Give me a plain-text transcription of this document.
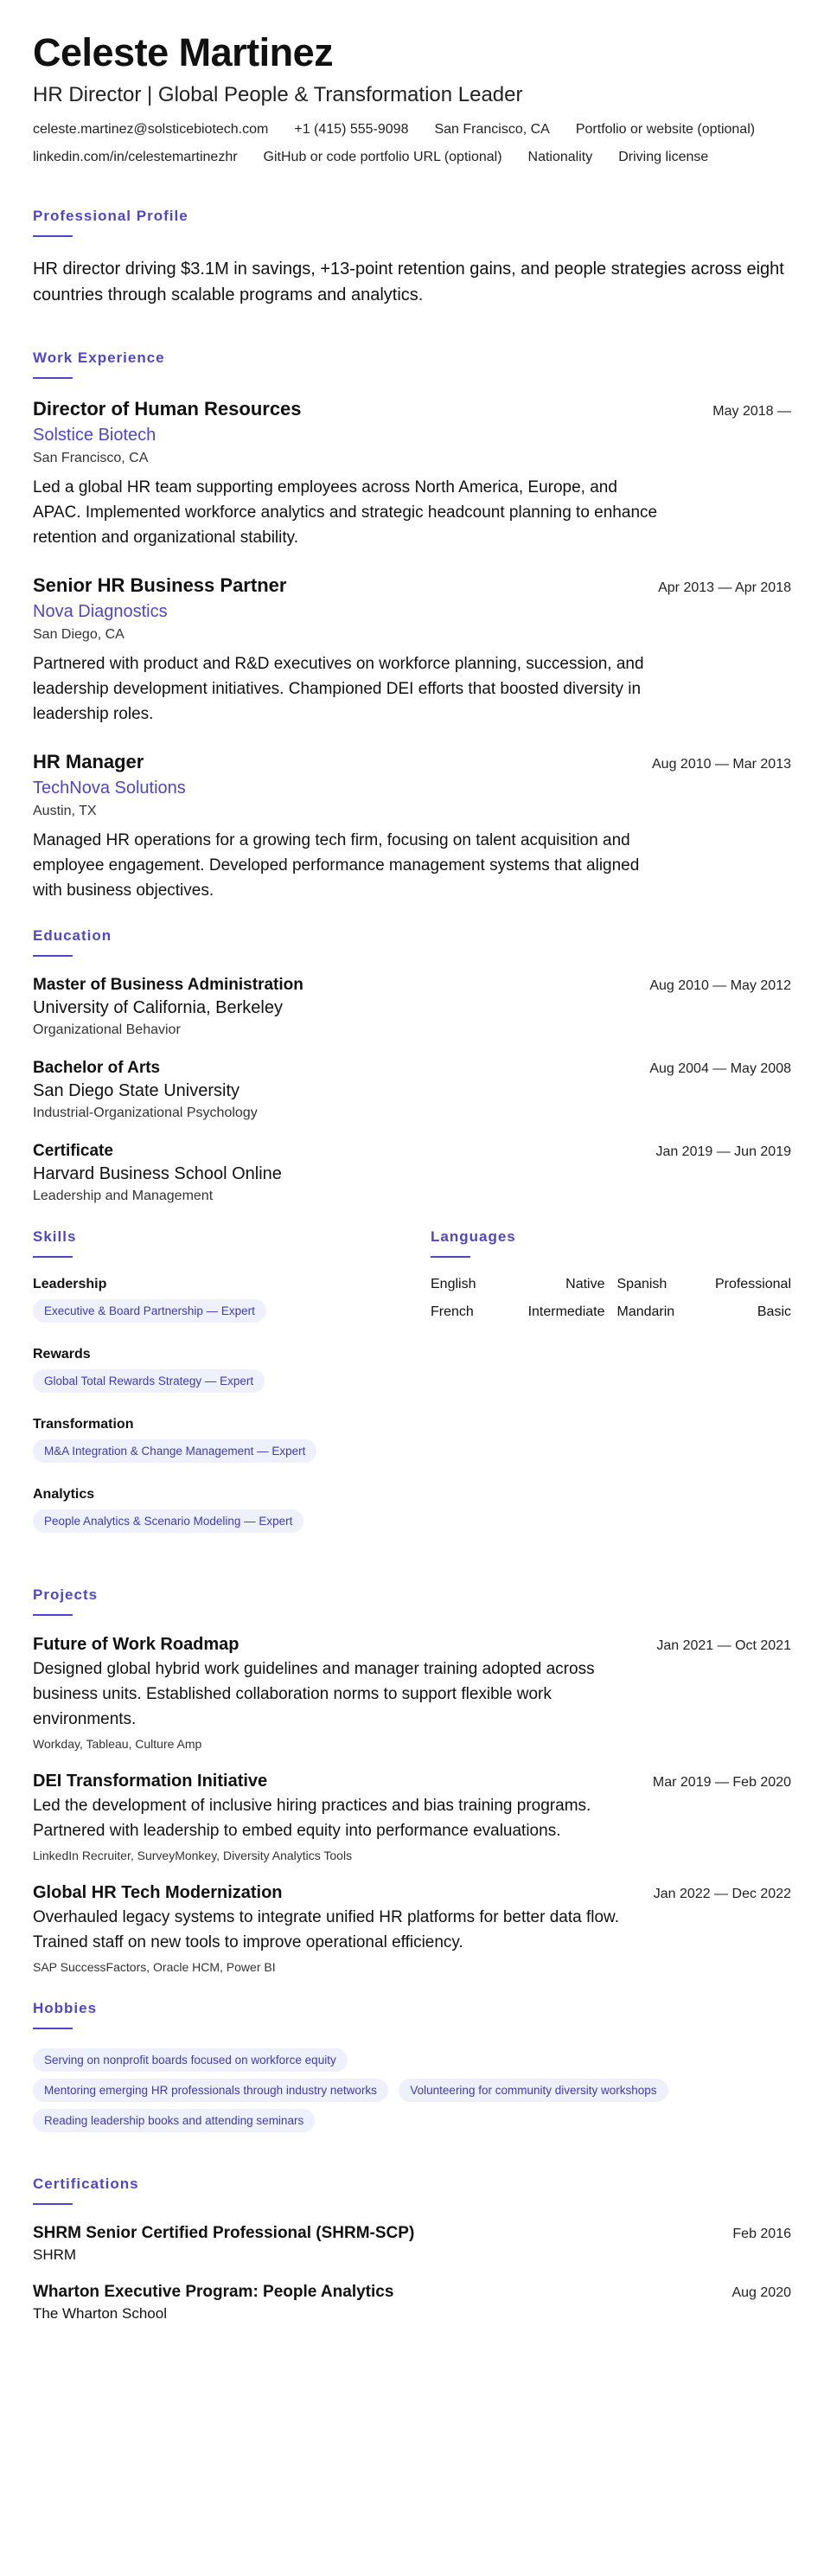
Celeste Martinez
HR Director | Global People & Transformation Leader
celeste.martinez@solsticebiotech.com +1 (415) 555-9098 San Francisco, CA Portfolio or website (optional)
linkedin.com/in/celestemartinezhr GitHub or code portfolio URL (optional) Nationality Driving license
Professional Profile
HR director driving $3.1M in savings, +13-point retention gains, and people strategies across eight countries through scalable programs and analytics.
Work Experience
Director of Human Resources	May 2018 —
Solstice Biotech
San Francisco, CA
Led a global HR team supporting employees across North America, Europe, and APAC. Implemented workforce analytics and strategic headcount planning to enhance retention and organizational stability.
Senior HR Business Partner	Apr 2013 — Apr 2018
Nova Diagnostics
San Diego, CA
Partnered with product and R&D executives on workforce planning, succession, and leadership development initiatives. Championed DEI efforts that boosted diversity in leadership roles.
HR Manager	Aug 2010 — Mar 2013
TechNova Solutions
Austin, TX
Managed HR operations for a growing tech firm, focusing on talent acquisition and employee engagement. Developed performance management systems that aligned with business objectives.
Education
Master of Business Administration	Aug 2010 — May 2012
University of California, Berkeley
Organizational Behavior
Bachelor of Arts	Aug 2004 — May 2008
San Diego State University
Industrial-Organizational Psychology
Certificate	Jan 2019 — Jun 2019
Harvard Business School Online
Leadership and Management
Skills
Leadership
Executive & Board Partnership — Expert
Rewards
Global Total Rewards Strategy — Expert
Transformation
M&A Integration & Change Management — Expert
Analytics
People Analytics & Scenario Modeling — Expert
Languages
English	Native Spanish	Professional
French	Intermediate Mandarin	Basic
Projects
Future of Work Roadmap	Jan 2021 — Oct 2021
Designed global hybrid work guidelines and manager training adopted across business units. Established collaboration norms to support flexible work environments.
Workday, Tableau, Culture Amp
DEI Transformation Initiative	Mar 2019 — Feb 2020
Led the development of inclusive hiring practices and bias training programs. Partnered with leadership to embed equity into performance evaluations.
LinkedIn Recruiter, SurveyMonkey, Diversity Analytics Tools
Global HR Tech Modernization	Jan 2022 — Dec 2022
Overhauled legacy systems to integrate unified HR platforms for better data flow. Trained staff on new tools to improve operational efficiency.
SAP SuccessFactors, Oracle HCM, Power BI
Hobbies
Serving on nonprofit boards focused on workforce equity
Mentoring emerging HR professionals through industry networks	Volunteering for community diversity workshops
Reading leadership books and attending seminars
Certifications
SHRM Senior Certified Professional (SHRM-SCP)	Feb 2016
SHRM
Wharton Executive Program: People Analytics	Aug 2020
The Wharton School
